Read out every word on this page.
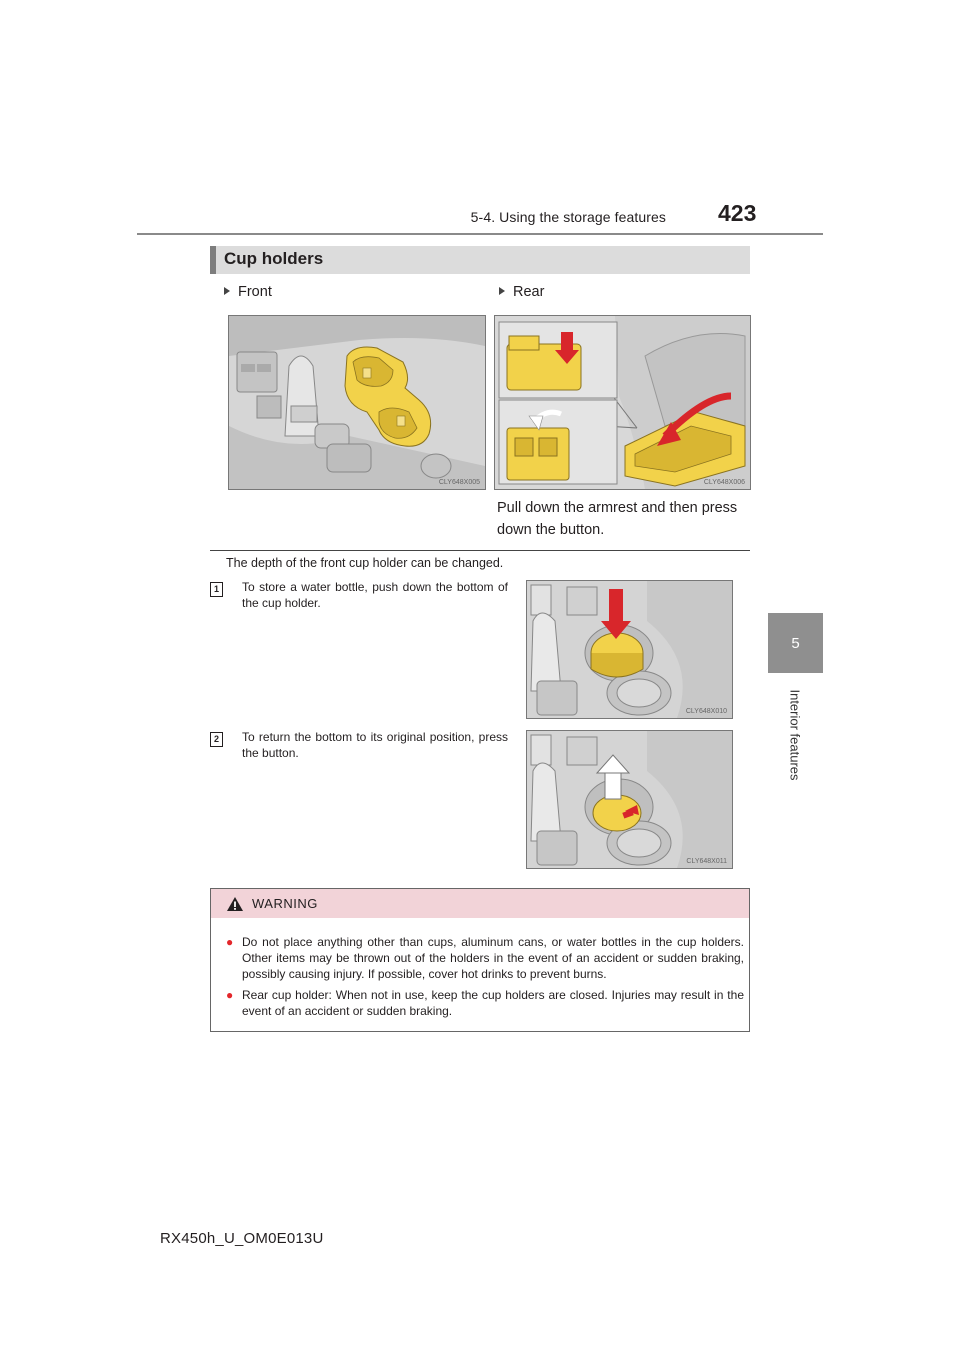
5-4. Using the storage features 423
5
Interior features
Cup holders
Front	Rear
CLY648X005	CLY648X006
Pull down the armrest and then press down the button.
The depth of the front cup holder can be changed.
1	To store a water bottle, push down the bottom of the cup holder.
CLY648X010
2	To return the bottom to its original position, press the button.
CLY648X011
WARNING
● Do not place anything other than cups, aluminum cans, or water bottles in the cup holders. Other items may be thrown out of the holders in the event of an accident or sudden braking, possibly causing injury. If possible, cover hot drinks to prevent burns.
● Rear cup holder: When not in use, keep the cup holders are closed. Injuries may result in the event of an accident or sudden braking.
RX450h_U_OM0E013U
